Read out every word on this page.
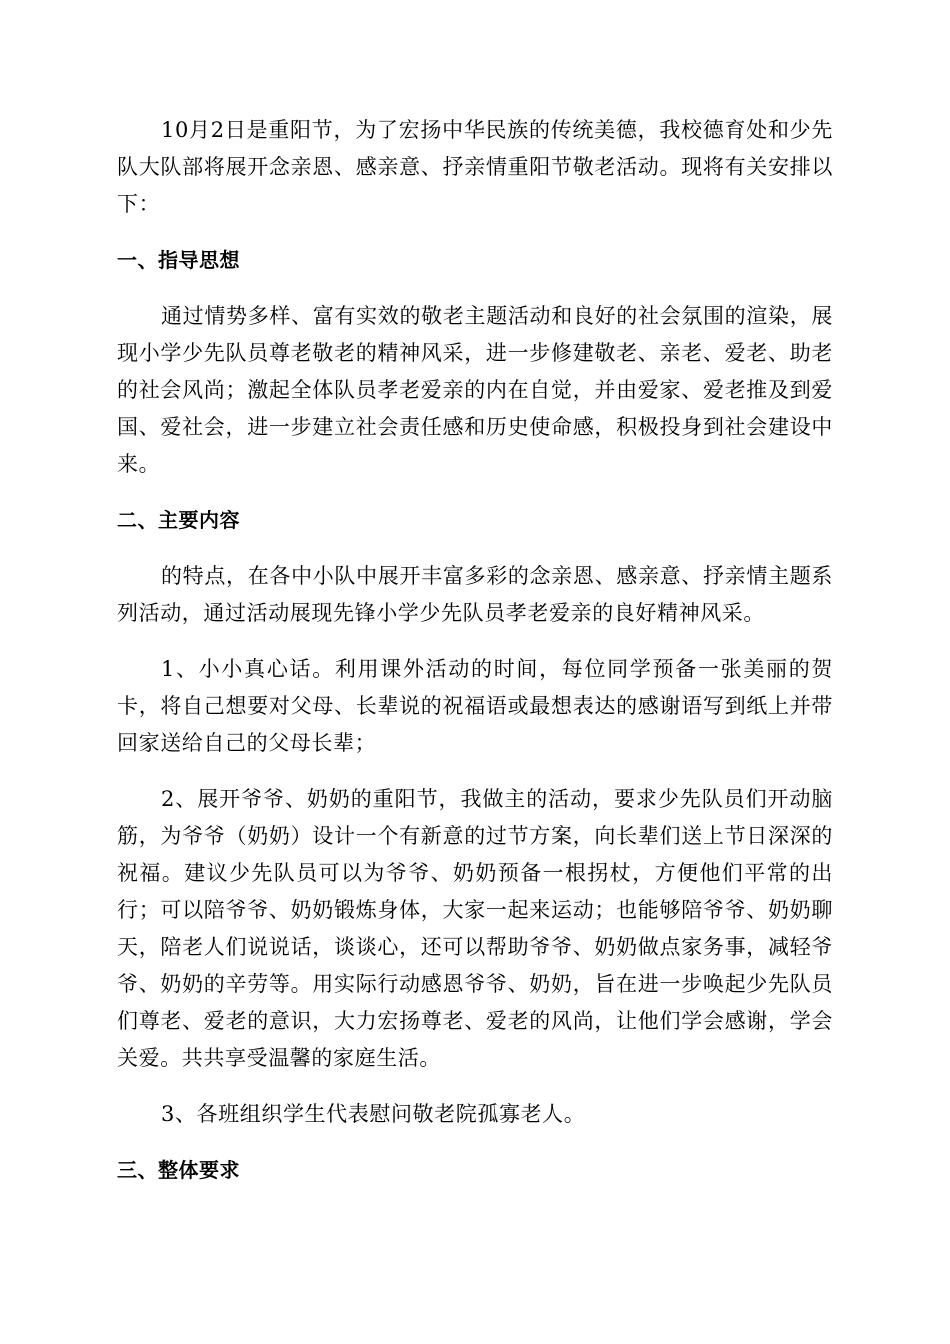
10月2日是重阳节，为了宏扬中华民族的传统美德，我校德育处和少先队大队部将展开念亲恩、感亲意、抒亲情重阳节敬老活动。现将有关安排以下：

一、指导思想

通过情势多样、富有实效的敬老主题活动和良好的社会氛围的渲染，展现小学少先队员尊老敬老的精神风采，进一步修建敬老、亲老、爱老、助老的社会风尚；激起全体队员孝老爱亲的内在自觉，并由爱家、爱老推及到爱国、爱社会，进一步建立社会责任感和历史使命感，积极投身到社会建设中来。

二、主要内容

的特点，在各中小队中展开丰富多彩的念亲恩、感亲意、抒亲情主题系列活动，通过活动展现先锋小学少先队员孝老爱亲的良好精神风采。

1、小小真心话。利用课外活动的时间，每位同学预备一张美丽的贺卡，将自己想要对父母、长辈说的祝福语或最想表达的感谢语写到纸上并带回家送给自己的父母长辈；

2、展开爷爷、奶奶的重阳节，我做主的活动，要求少先队员们开动脑筋，为爷爷（奶奶）设计一个有新意的过节方案，向长辈们送上节日深深的祝福。建议少先队员可以为爷爷、奶奶预备一根拐杖，方便他们平常的出行；可以陪爷爷、奶奶锻炼身体，大家一起来运动；也能够陪爷爷、奶奶聊天，陪老人们说说话，谈谈心，还可以帮助爷爷、奶奶做点家务事，减轻爷爷、奶奶的辛劳等。用实际行动感恩爷爷、奶奶，旨在进一步唤起少先队员们尊老、爱老的意识，大力宏扬尊老、爱老的风尚，让他们学会感谢，学会关爱。共共享受温馨的家庭生活。

3、各班组织学生代表慰问敬老院孤寡老人。

三、整体要求
